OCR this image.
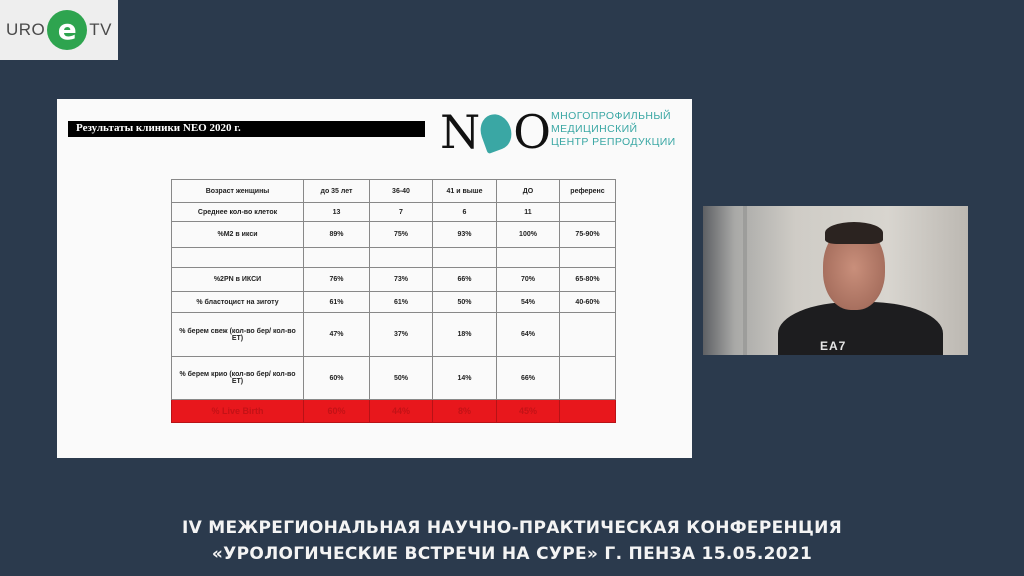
URO e TV
Результаты клиники NEO 2020 г.	N O МНОГОПРОФИЛЬНЫЙ
МЕДИЦИНСКИЙ
ЦЕНТР РЕПРОДУКЦИИ
Возраст женщины	до 35 лет	36-40	41 и выше	ДО	референс
Среднее кол-во клеток	13	7	6	11	
%M2 в икси	89%	75%	93%	100%	75-90%

%2PN в ИКСИ	76%	73%	66%	70%	65-80%
% бластоцист на зиготу	61%	61%	50%	54%	40-60%
% берем свеж (кол-во бер/ кол-во ЕТ)	47%	37%	18%	64%	
% берем крио (кол-во бер/ кол-во ЕТ)	60%	50%	14%	66%	
% Live Birth	60%	44%	8%	45%	
EA7
IV МЕЖРЕГИОНАЛЬНАЯ НАУЧНО-ПРАКТИЧЕСКАЯ КОНФЕРЕНЦИЯ
«УРОЛОГИЧЕСКИЕ ВСТРЕЧИ НА СУРЕ» Г. ПЕНЗА 15.05.2021
